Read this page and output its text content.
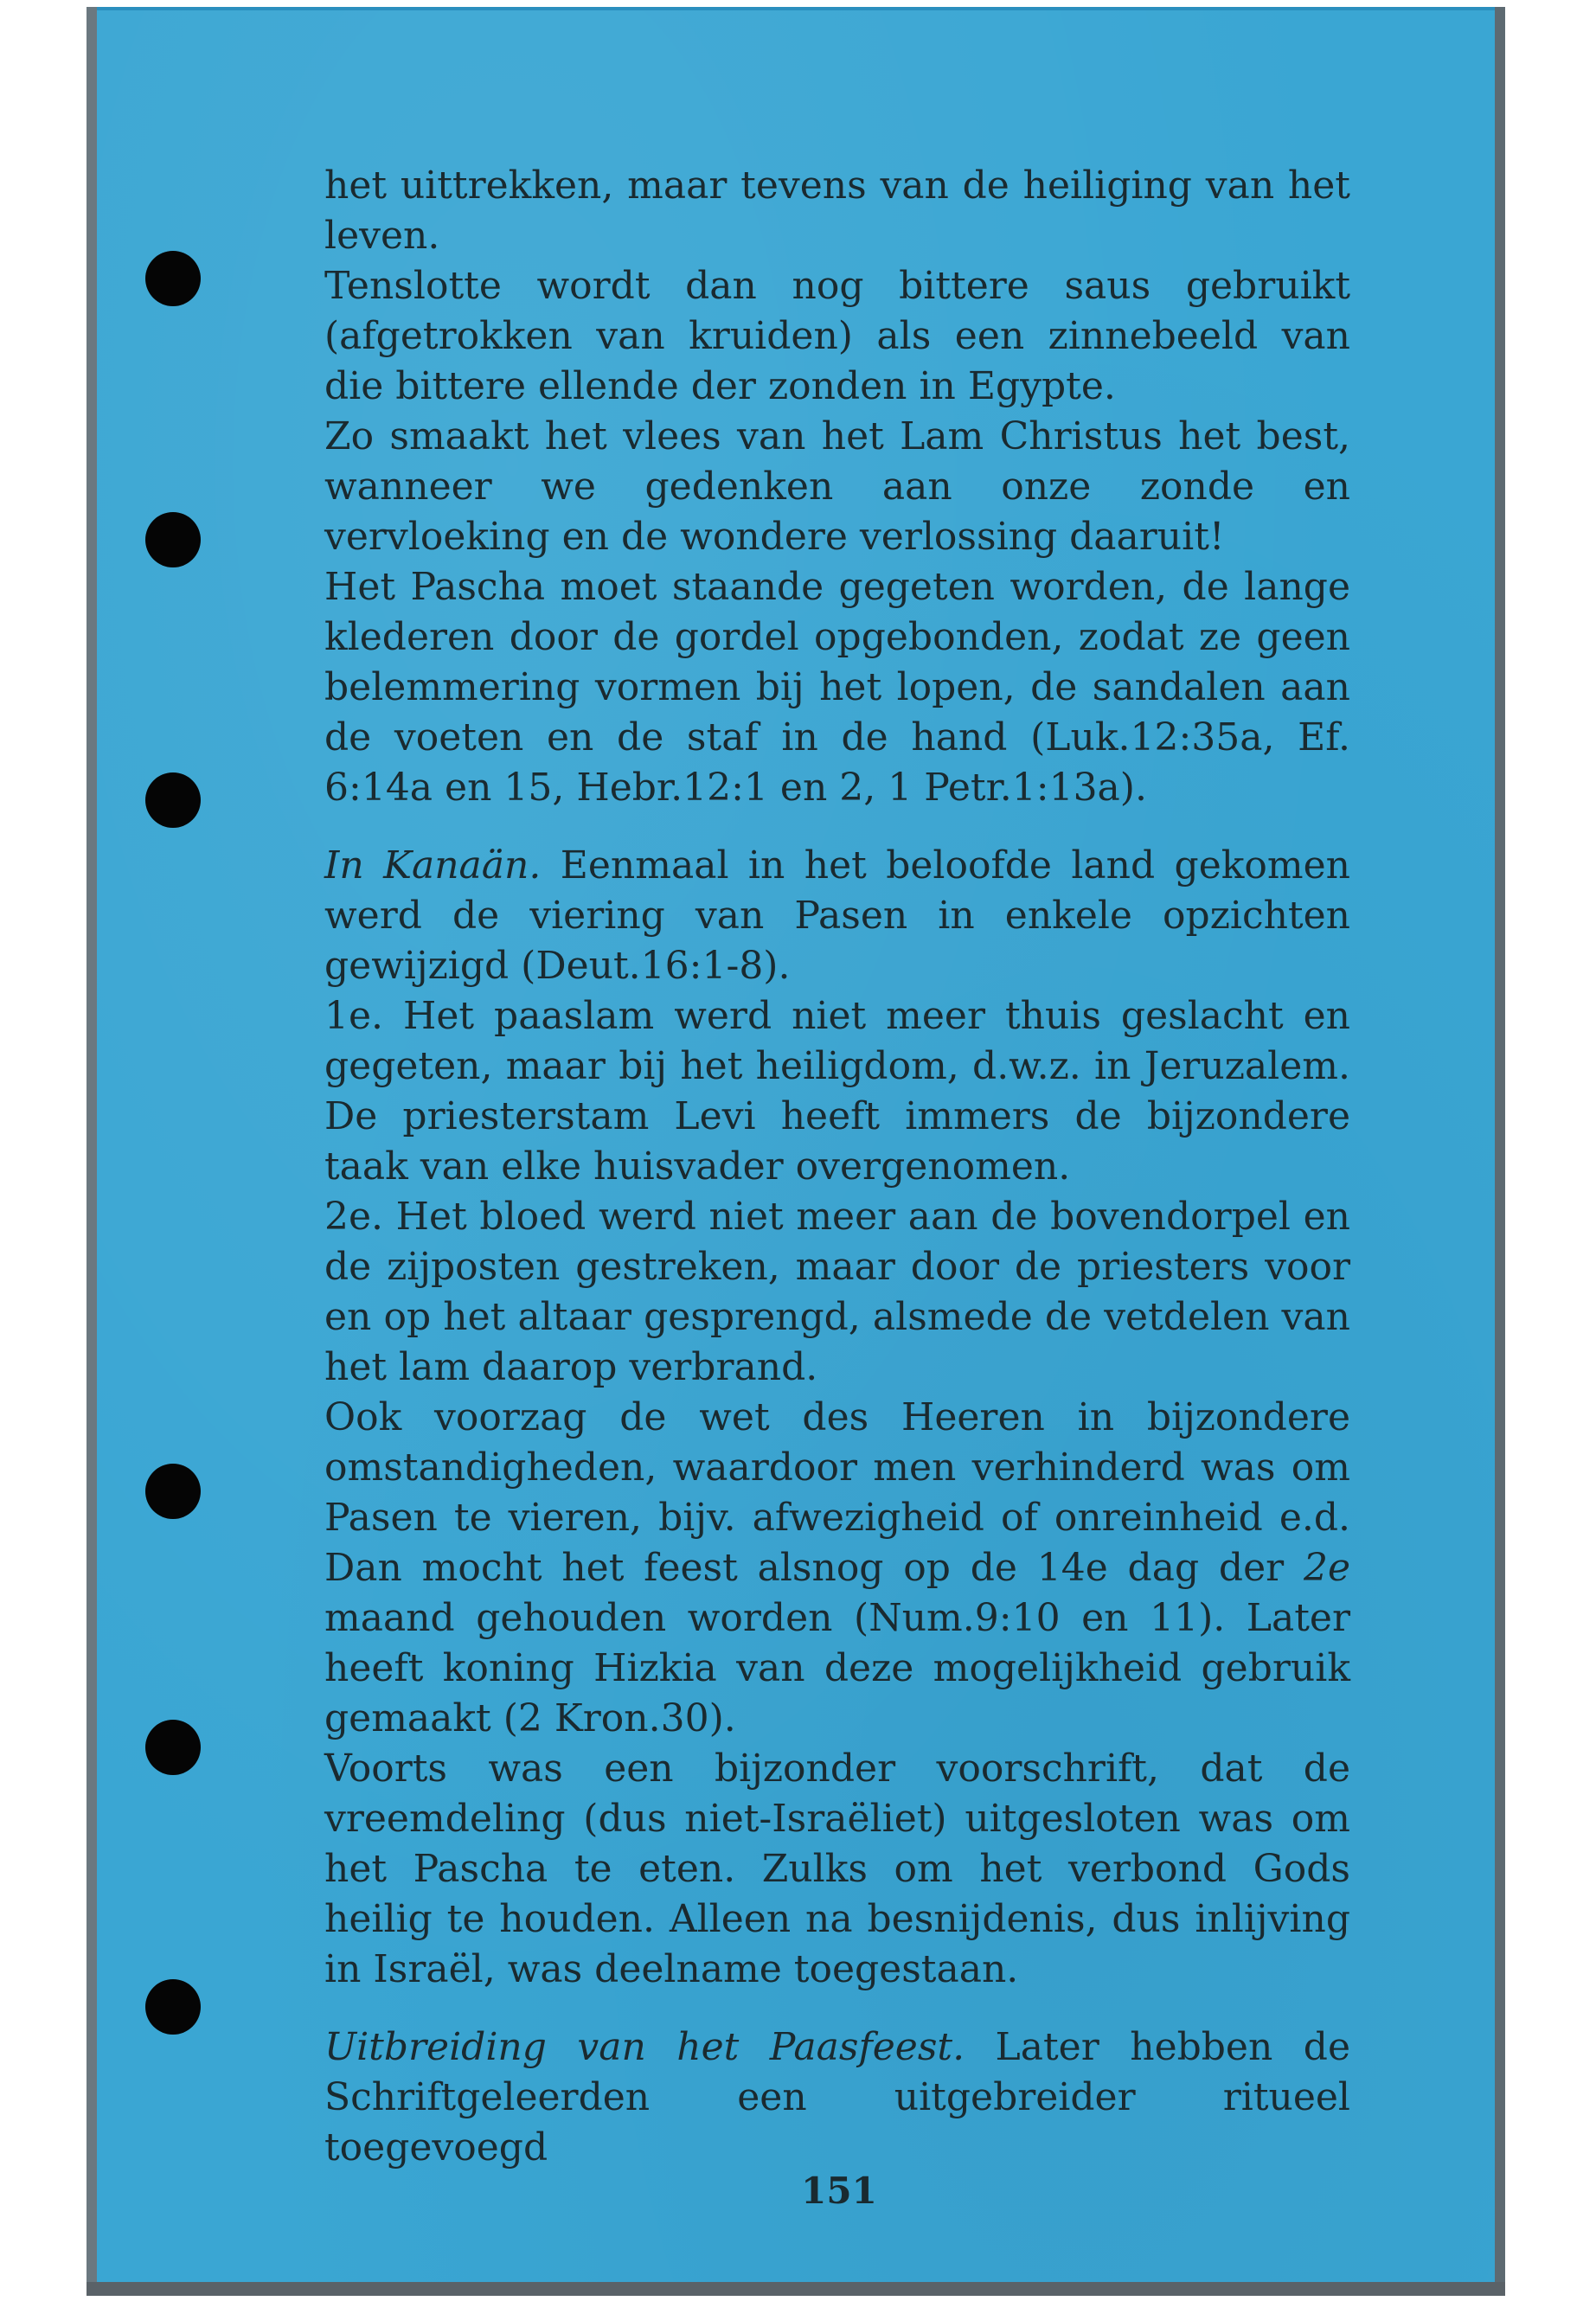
het uittrekken, maar tevens van de heiliging van het leven.

Tenslotte wordt dan nog bittere saus gebruikt (afgetrokken van kruiden) als een zinnebeeld van die bittere ellende der zonden in Egypte.

Zo smaakt het vlees van het Lam Christus het best, wanneer we gedenken aan onze zonde en vervloeking en de wondere verlossing daaruit!

Het Pascha moet staande gegeten worden, de lange klederen door de gordel opgebonden, zodat ze geen belemmering vormen bij het lopen, de sandalen aan de voeten en de staf in de hand (Luk.12:35a, Ef. 6:14a en 15, Hebr.12:1 en 2, 1 Petr.1:13a).

In Kanaän. Eenmaal in het beloofde land gekomen werd de viering van Pasen in enkele opzichten gewijzigd (Deut.16:1-8).

1e. Het paaslam werd niet meer thuis geslacht en gegeten, maar bij het heiligdom, d.w.z. in Jeruzalem. De priesterstam Levi heeft immers de bijzondere taak van elke huisvader overgenomen.

2e. Het bloed werd niet meer aan de bovendorpel en de zijposten gestreken, maar door de priesters voor en op het altaar gesprengd, alsmede de vetdelen van het lam daarop verbrand.

Ook voorzag de wet des Heeren in bijzondere omstandigheden, waardoor men verhinderd was om Pasen te vieren, bijv. afwezigheid of onreinheid e.d. Dan mocht het feest alsnog op de 14e dag der 2e maand gehouden worden (Num.9:10 en 11). Later heeft koning Hizkia van deze mogelijkheid gebruik gemaakt (2 Kron.30).

Voorts was een bijzonder voorschrift, dat de vreemdeling (dus niet-Israëliet) uitgesloten was om het Pascha te eten. Zulks om het verbond Gods heilig te houden. Alleen na besnijdenis, dus inlijving in Israël, was deelname toegestaan.

Uitbreiding van het Paasfeest. Later hebben de Schriftgeleerden een uitgebreider ritueel toegevoegd

151
